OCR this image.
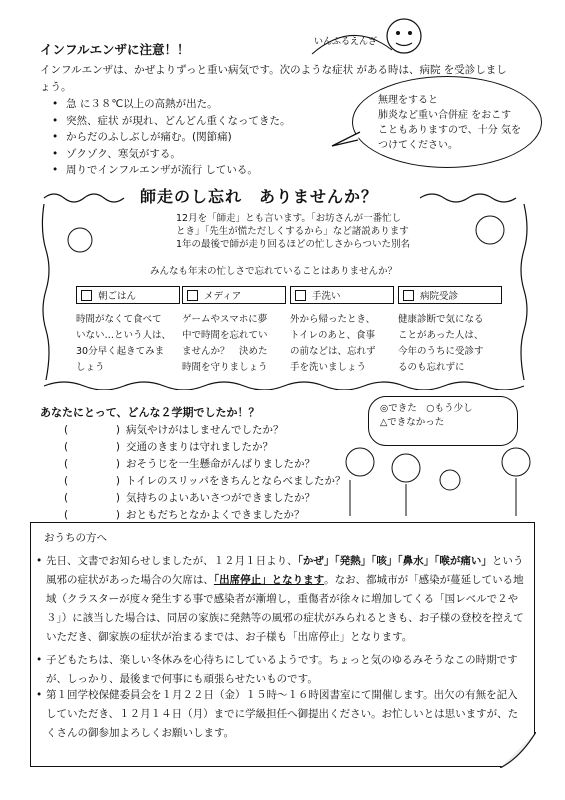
いんふるえんざ
インフルエンザに注意！！
インフルエンザは、かぜよりずっと重い病気です。次のような症状 がある時は、病院 を受診しましょう。
• 急 に３８℃以上の高熱が出た。
• 突然、症状 が現れ、どんどん重くなってきた。
• からだのふしぶしが痛む。(関節痛)
• ゾクゾク、寒気がする。
• 周りでインフルエンザが流行 している。
無理をすると
肺炎など重い合併症 をおこす
こともありますので、十分 気を
つけてください。
師走のし忘れ　ありませんか？
12月を「師走」とも言います。「お坊さんが一番忙し
とき」「先生が慌ただしくするから」など諸説あります
1年の最後で師が走り回るほどの忙しさからついた別名
みんなも年末の忙しさで忘れていることはありませんか？
朝ごはん
時間がなくて食べて
いない…という人は、
30分早く起きてみま
しょう
メディア
ゲームやスマホに夢
中で時間を忘れてい
ませんか？　決めた
時間を守りましょう
手洗い
外から帰ったとき、
トイレのあと、食事
の前などは、忘れず
手を洗いましょう
病院受診
健康診断で気になる
ことがあった人は、
今年のうちに受診す
るのも忘れずに
あなたにとって、どんな２学期でしたか！？
(	) 病気やけがはしませんでしたか？
(	) 交通のきまりは守れましたか？
(	) おそうじを一生懸命がんばりましたか？
(	) トイレのスリッパをきちんとならべましたか？
(	) 気持ちのよいあいさつができましたか？
(	) おともだちとなかよくできましたか？
◎できた　○もう少し
△できなかった
おうちの方へ
• 先日、文書でお知らせしましたが、１２月１日より、「かぜ」「発熱」「咳」「鼻水」「喉が痛い」という風邪の症状があった場合の欠席は、「出席停止」となります。なお、都城市が「感染が蔓延している地域（クラスターが度々発生する事で感染者が漸増し，重傷者が徐々に増加してくる「国レベルで２や３」）に該当した場合は、同居の家族に発熱等の風邪の症状がみられるときも、お子様の登校を控えていただき、御家族の症状が治まるまでは、お子様も「出席停止」となります。
• 子どもたちは、楽しい冬休みを心待ちにしているようです。ちょっと気のゆるみそうなこの時期ですが、しっかり、最後まで何事にも頑張らせたいものです。
• 第１回学校保健委員会を１月２２日（金）１５時～１６時図書室にて開催します。出欠の有無を記入していただき、１２月１４日（月）までに学級担任へ御提出ください。お忙しいとは思いますが、たくさんの御参加よろしくお願いします。
